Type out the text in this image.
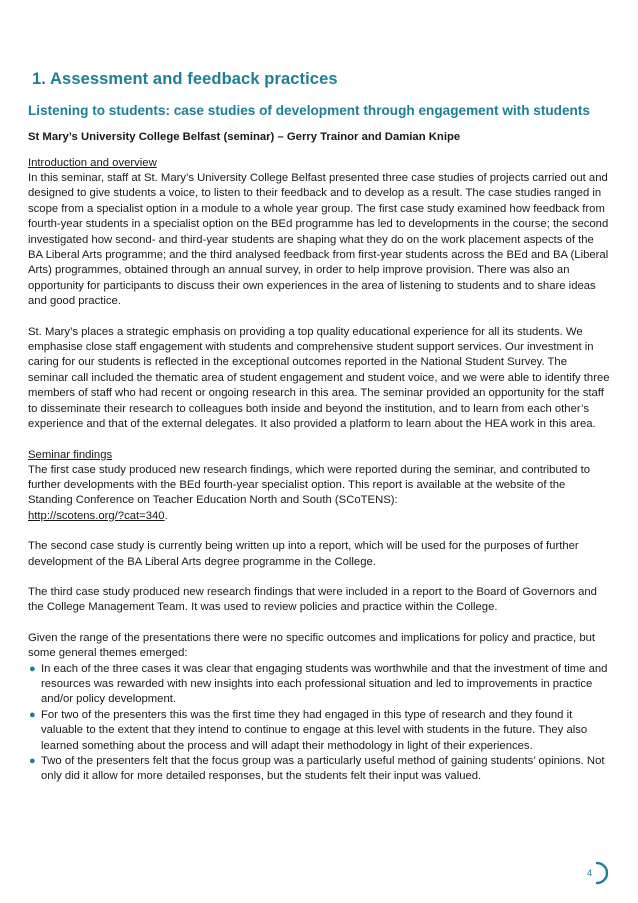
1. Assessment and feedback practices
Listening to students: case studies of development through engagement with students
St Mary’s University College Belfast (seminar) – Gerry Trainor and Damian Knipe
Introduction and overview

In this seminar, staff at St. Mary’s University College Belfast presented three case studies of projects carried out and designed to give students a voice, to listen to their feedback and to develop as a result. The case studies ranged in scope from a specialist option in a module to a whole year group. The first case study examined how feedback from fourth-year students in a specialist option on the BEd programme has led to developments in the course; the second investigated how second- and third-year students are shaping what they do on the work placement aspects of the BA Liberal Arts programme; and the third analysed feedback from first-year students across the BEd and BA (Liberal Arts) programmes, obtained through an annual survey, in order to help improve provision. There was also an opportunity for participants to discuss their own experiences in the area of listening to students and to share ideas and good practice.

St. Mary’s places a strategic emphasis on providing a top quality educational experience for all its students. We emphasise close staff engagement with students and comprehensive student support services. Our investment in caring for our students is reflected in the exceptional outcomes reported in the National Student Survey. The seminar call included the thematic area of student engagement and student voice, and we were able to identify three members of staff who had recent or ongoing research in this area. The seminar provided an opportunity for the staff to disseminate their research to colleagues both inside and beyond the institution, and to learn from each other’s experience and that of the external delegates. It also provided a platform to learn about the HEA work in this area.

Seminar findings

The first case study produced new research findings, which were reported during the seminar, and contributed to further developments with the BEd fourth-year specialist option. This report is available at the website of the Standing Conference on Teacher Education North and South (SCoTENS):
http://scotens.org/?cat=340.

The second case study is currently being written up into a report, which will be used for the purposes of further development of the BA Liberal Arts degree programme in the College.

The third case study produced new research findings that were included in a report to the Board of Governors and the College Management Team. It was used to review policies and practice within the College.

Given the range of the presentations there were no specific outcomes and implications for policy and practice, but some general themes emerged:

● In each of the three cases it was clear that engaging students was worthwhile and that the investment of time and resources was rewarded with new insights into each professional situation and led to improvements in practice and/or policy development.
● For two of the presenters this was the first time they had engaged in this type of research and they found it valuable to the extent that they intend to continue to engage at this level with students in the future. They also learned something about the process and will adapt their methodology in light of their experiences.
● Two of the presenters felt that the focus group was a particularly useful method of gaining students’ opinions. Not only did it allow for more detailed responses, but the students felt their input was valued.
4
